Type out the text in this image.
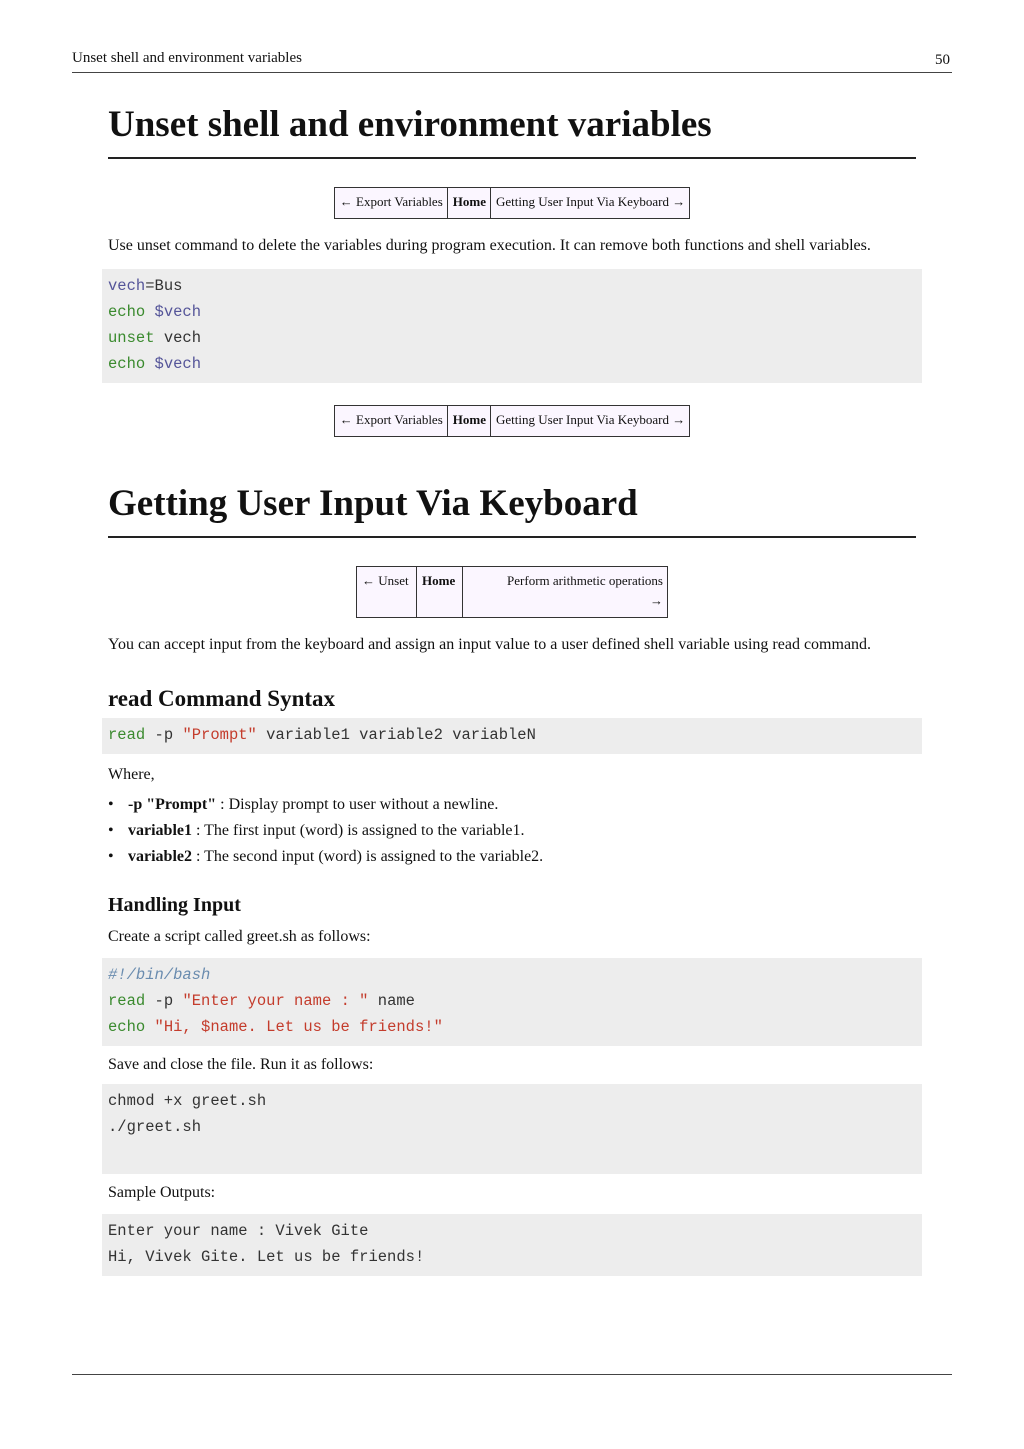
Unset shell and environment variables	50
Unset shell and environment variables
← Export Variables	Home	Getting User Input Via Keyboard →

Use unset command to delete the variables during program execution. It can remove both functions and shell variables.

vech=Bus
echo $vech
unset vech
echo $vech
← Export Variables	Home	Getting User Input Via Keyboard →
Getting User Input Via Keyboard
← Unset	Home	Perform arithmetic operations
→

You can accept input from the keyboard and assign an input value to a user defined shell variable using read command.

read Command Syntax
read -p "Prompt" variable1 variable2 variableN

Where,

• -p "Prompt" : Display prompt to user without a newline.
• variable1 : The first input (word) is assigned to the variable1.
• variable2 : The second input (word) is assigned to the variable2.
Handling Input

Create a script called greet.sh as follows:

#!/bin/bash
read -p "Enter your name : " name
echo "Hi, $name. Let us be friends!"

Save and close the file. Run it as follows:

chmod +x greet.sh
./greet.sh

Sample Outputs:

Enter your name : Vivek Gite
Hi, Vivek Gite. Let us be friends!
